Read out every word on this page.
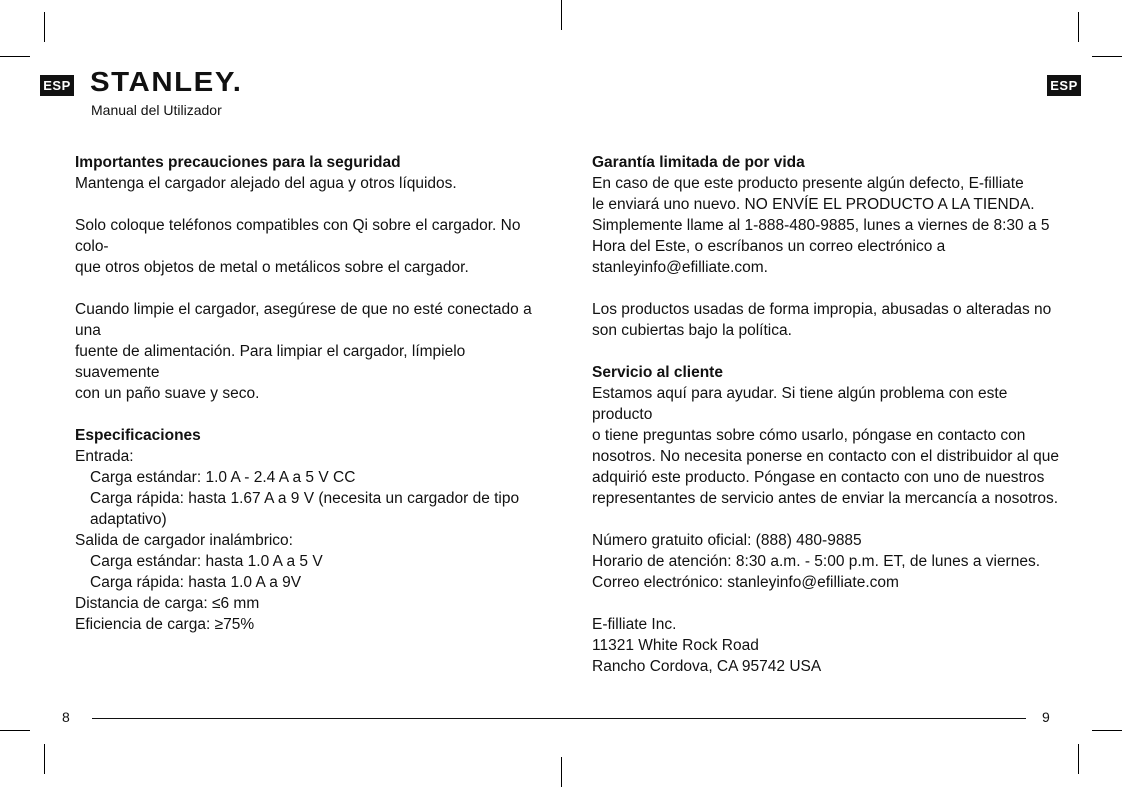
ESP	ESP
STANLEY.
Manual del Utilizador
Importantes precauciones para la seguridad

Mantenga el cargador alejado del agua y otros líquidos.

Solo coloque teléfonos compatibles con Qi sobre el cargador. No colo-
que otros objetos de metal o metálicos sobre el cargador.

Cuando limpie el cargador, asegúrese de que no esté conectado a una
fuente de alimentación. Para limpiar el cargador, límpielo suavemente
con un paño suave y seco.

Especificaciones
Entrada:
Carga estándar: 1.0 A - 2.4 A a 5 V CC
Carga rápida: hasta 1.67 A a 9 V (necesita un cargador de tipo
adaptativo)
Salida de cargador inalámbrico:
Carga estándar: hasta 1.0 A a 5 V
Carga rápida: hasta 1.0 A a 9V
Distancia de carga: ≤6 mm
Eficiencia de carga: ≥75%
Garantía limitada de por vida

En caso de que este producto presente algún defecto, E-filliate
le enviará uno nuevo. NO ENVÍE EL PRODUCTO A LA TIENDA.
Simplemente llame al 1-888-480-9885, lunes a viernes de 8:30 a 5
Hora del Este, o escríbanos un correo electrónico a
stanleyinfo@efilliate.com.

Los productos usadas de forma impropia, abusadas o alteradas no
son cubiertas bajo la política.

Servicio al cliente

Estamos aquí para ayudar. Si tiene algún problema con este producto
o tiene preguntas sobre cómo usarlo, póngase en contacto con
nosotros. No necesita ponerse en contacto con el distribuidor al que
adquirió este producto. Póngase en contacto con uno de nuestros
representantes de servicio antes de enviar la mercancía a nosotros.

Número gratuito oficial: (888) 480-9885
Horario de atención: 8:30 a.m. - 5:00 p.m. ET, de lunes a viernes.
Correo electrónico: stanleyinfo@efilliate.com

E-filliate Inc.
11321 White Rock Road
Rancho Cordova, CA 95742 USA

8	9
